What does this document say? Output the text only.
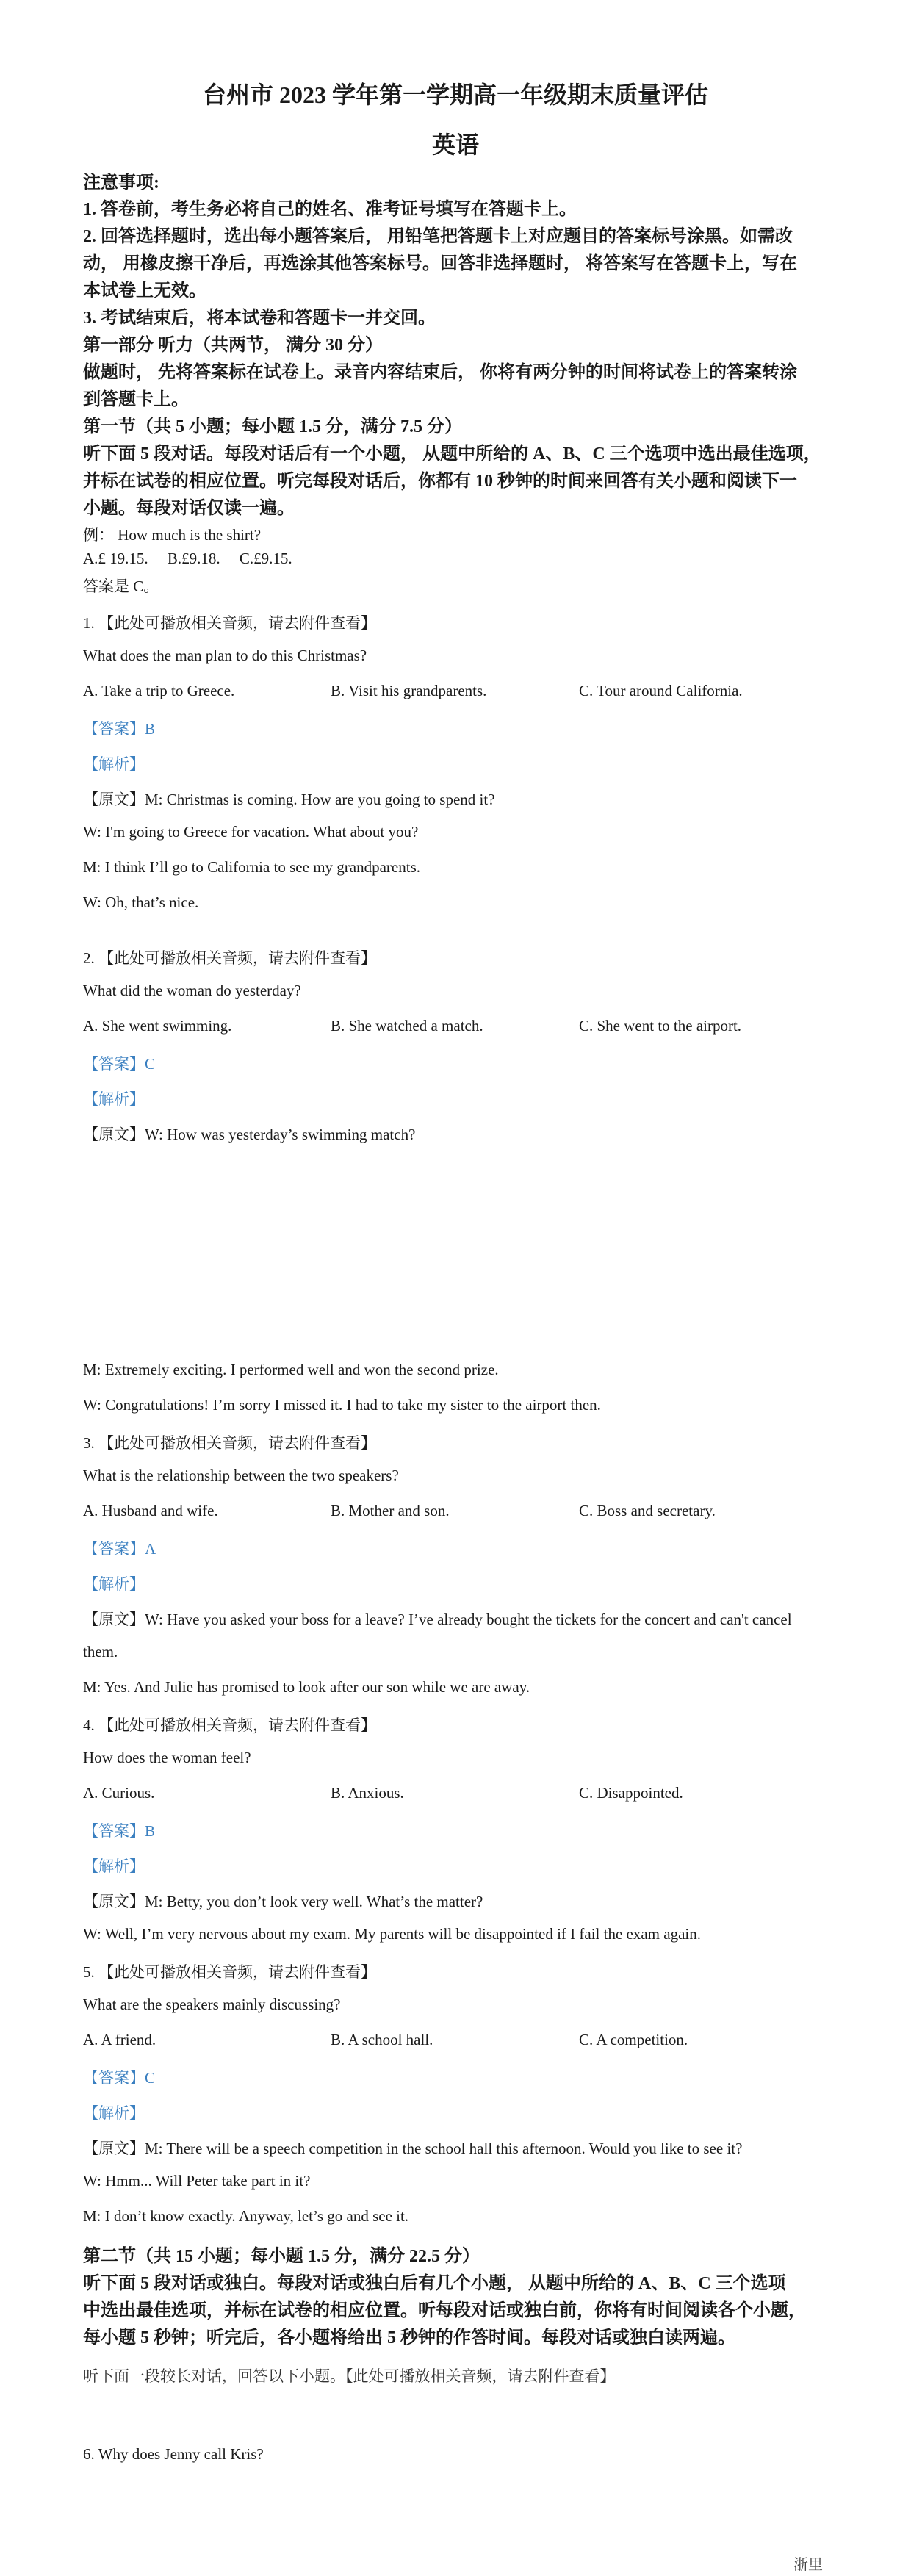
台州市 2023 学年第一学期高一年级期末质量评估
英语
注意事项:
1. 答卷前，考生务必将自己的姓名、准考证号填写在答题卡上。
2. 回答选择题时，选出每小题答案后， 用铅笔把答题卡上对应题目的答案标号涂黑。如需改
动， 用橡皮擦干净后，再选涂其他答案标号。回答非选择题时， 将答案写在答题卡上，写在
本试卷上无效。
3. 考试结束后，将本试卷和答题卡一并交回。
第一部分 听力（共两节， 满分 30 分）
做题时， 先将答案标在试卷上。录音内容结束后， 你将有两分钟的时间将试卷上的答案转涂
到答题卡上。
第一节（共 5 小题；每小题 1.5 分，满分 7.5 分）
听下面 5 段对话。每段对话后有一个小题， 从题中所给的 A、B、C 三个选项中选出最佳选项，
并标在试卷的相应位置。听完每段对话后，你都有 10 秒钟的时间来回答有关小题和阅读下一
小题。每段对话仅读一遍。
例： How much is the shirt?
A.£ 19.15.     B.£9.18.     C.£9.15.
答案是 C。
1. 【此处可播放相关音频，请去附件查看】
What does the man plan to do this Christmas?
A. Take a trip to Greece.	B. Visit his grandparents.	C. Tour around California.
【答案】B
【解析】
【原文】M: Christmas is coming. How are you going to spend it?
W: I'm going to Greece for vacation. What about you?
M: I think I’ll go to California to see my grandparents.
W: Oh, that’s nice.
2. 【此处可播放相关音频，请去附件查看】
What did the woman do yesterday?
A. She went swimming.	B. She watched a match.	C. She went to the airport.
【答案】C
【解析】
【原文】W: How was yesterday’s swimming match?
M: Extremely exciting. I performed well and won the second prize.
W: Congratulations! I’m sorry I missed it. I had to take my sister to the airport then.
3. 【此处可播放相关音频，请去附件查看】
What is the relationship between the two speakers?
A. Husband and wife.	B. Mother and son.	C. Boss and secretary.
【答案】A
【解析】
【原文】W: Have you asked your boss for a leave? I’ve already bought the tickets for the concert and can't cancel
them.
M: Yes. And Julie has promised to look after our son while we are away.
4. 【此处可播放相关音频，请去附件查看】
How does the woman feel?
A. Curious.	B. Anxious.	C. Disappointed.
【答案】B
【解析】
【原文】M: Betty, you don’t look very well. What’s the matter?
W: Well, I’m very nervous about my exam. My parents will be disappointed if I fail the exam again.
5. 【此处可播放相关音频，请去附件查看】
What are the speakers mainly discussing?
A. A friend.	B. A school hall.	C. A competition.
【答案】C
【解析】
【原文】M: There will be a speech competition in the school hall this afternoon. Would you like to see it?
W: Hmm... Will Peter take part in it?
M: I don’t know exactly. Anyway, let’s go and see it.
第二节（共 15 小题；每小题 1.5 分，满分 22.5 分）
听下面 5 段对话或独白。每段对话或独白后有几个小题， 从题中所给的 A、B、C 三个选项
中选出最佳选项，并标在试卷的相应位置。听每段对话或独白前，你将有时间阅读各个小题，
每小题 5 秒钟；听完后，各小题将给出 5 秒钟的作答时间。每段对话或独白读两遍。
听下面一段较长对话，回答以下小题。【此处可播放相关音频，请去附件查看】
6. Why does Jenny call Kris?
浙里
